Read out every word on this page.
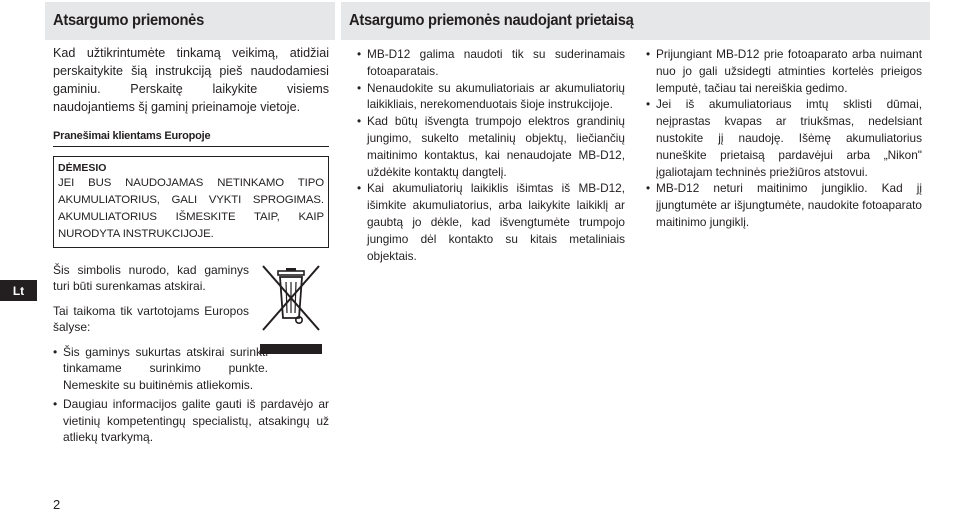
Atsargumo priemonės	Atsargumo priemonės naudojant prietaisą

Kad užtikrintumėte tinkamą veikimą, atidžiai perskaitykite šią instrukciją pieš naudodamiesi gaminiu. Perskaitę laikykite visiems naudojantiems šį gaminį prieinamoje vietoje.

Pranešimai klientams Europoje
DĖMESIO
JEI BUS NAUDOJAMAS NETINKAMO TIPO AKUMULIATORIUS, GALI VYKTI SPROGIMAS. AKUMULIATORIUS IŠMESKITE TAIP, KAIP NURODYTA INSTRUKCIJOJE.

Šis simbolis nurodo, kad gaminys turi būti surenkamas atskirai.

Tai taikoma tik vartotojams Europos šalyse:

• Šis gaminys sukurtas atskirai surinkti tinkamame surinkimo punkte. Nemeskite su buitinėmis atliekomis.
• Daugiau informacijos galite gauti iš pardavėjo ar vietinių kompetentingų specialistų, atsakingų už atliekų tvarkymą.
• MB-D12 galima naudoti tik su suderinamais fotoaparatais.
• Nenaudokite su akumuliatoriais ar akumuliatorių laikikliais, nerekomenduotais šioje instrukcijoje.
• Kad būtų išvengta trumpojo elektros grandinių jungimo, sukelto metalinių objektų, liečiančių maitinimo kontaktus, kai nenaudojate MB-D12, uždėkite kontaktų dangtelį.
• Kai akumuliatorių laikiklis išimtas iš MB-D12, išimkite akumuliatorius, arba laikykite laikiklį ar gaubtą jo dėkle, kad išvengtumėte trumpojo jungimo dėl kontakto su kitais metaliniais objektais.
• Prijungiant MB-D12 prie fotoaparato arba nuimant nuo jo gali užsidegti atminties kortelės prieigos lemputė, tačiau tai nereiškia gedimo.
• Jei iš akumuliatoriaus imtų sklisti dūmai, neįprastas kvapas ar triukšmas, nedelsiant nustokite jį naudoję. Išėmę akumuliatorius nuneškite prietaisą pardavėjui arba „Nikon" įgaliotajam techninės priežiūros atstovui.
• MB-D12 neturi maitinimo jungiklio. Kad jį įjungtumėte ar išjungtumėte, naudokite fotoaparato maitinimo jungiklį.
Lt
2
